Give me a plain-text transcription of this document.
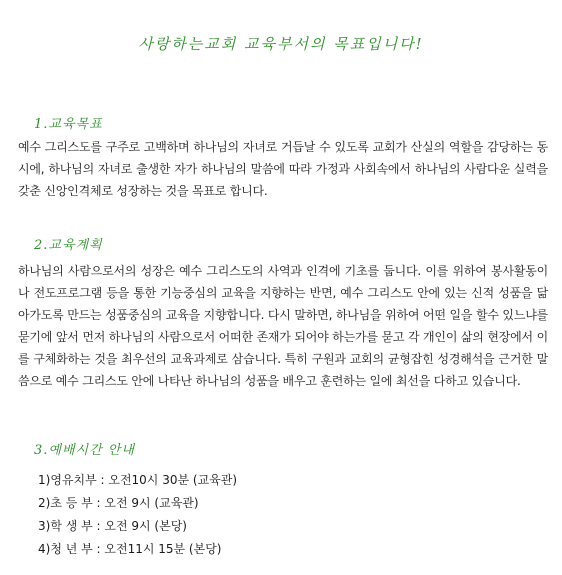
사랑하는교회 교육부서의 목표입니다!
1.교육목표

예수 그리스도를 구주로 고백하며 하나님의 자녀로 거듭날 수 있도록 교회가 산실의 역할을 감당하는 동시에, 하나님의 자녀로 출생한 자가 하나님의 말씀에 따라 가정과 사회속에서 하나님의 사람다운 실력을 갖춘 신앙인격체로 성장하는 것을 목표로 합니다.

2.교육계획

하나님의 사람으로서의 성장은 예수 그리스도의 사역과 인격에 기초를 둡니다. 이를 위하여 봉사활동이나 전도프로그램 등을 통한 기능중심의 교육을 지향하는 반면, 예수 그리스도 안에 있는 신적 성품을 닮아가도록 만드는 성품중심의 교육을 지향합니다. 다시 말하면, 하나님을 위하여 어떤 일을 할수 있느냐를 묻기에 앞서 먼저 하나님의 사람으로서 어떠한 존재가 되어야 하는가를 묻고 각 개인이 삶의 현장에서 이를 구체화하는 것을 최우선의 교육과제로 삼습니다. 특히 구원과 교회의 균형잡힌 성경해석을 근거한 말씀으로 예수 그리스도 안에 나타난 하나님의 성품을 배우고 훈련하는 일에 최선을 다하고 있습니다.

3.예배시간 안내
1)영유치부 : 오전10시 30분 (교육관)
2)초 등 부 : 오전 9시 (교육관)
3)학 생 부 : 오전 9시 (본당)
4)청 년 부 : 오전11시 15분 (본당)
